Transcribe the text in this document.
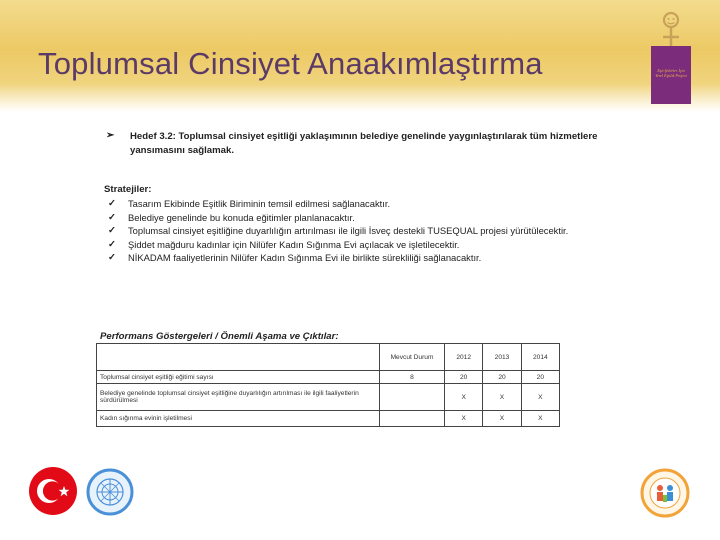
Toplumsal Cinsiyet Anaakımlaştırma	Eşit Şehirler İçin Yerel Eşitlik Projesi
➢ Hedef 3.2: Toplumsal cinsiyet eşitliği yaklaşımının belediye genelinde yaygınlaştırılarak tüm hizmetlere yansımasını sağlamak.
Stratejiler:
✓ Tasarım Ekibinde Eşitlik Biriminin temsil edilmesi sağlanacaktır.
✓ Belediye genelinde bu konuda eğitimler planlanacaktır.
✓ Toplumsal cinsiyet eşitliğine duyarlılığın artırılması ile ilgili İsveç destekli TUSEQUAL projesi yürütülecektir.
✓ Şiddet mağduru kadınlar için Nilüfer Kadın Sığınma Evi açılacak ve işletilecektir.
✓ NİKADAM faaliyetlerinin Nilüfer Kadın Sığınma Evi ile birlikte sürekliliği sağlanacaktır.
Performans Göstergeleri / Önemli Aşama ve Çıktılar:
	Mevcut Durum	2012	2013	2014
Toplumsal cinsiyet eşitliği eğitimi sayısı	8	20	20	20
Belediye genelinde toplumsal cinsiyet eşitliğine duyarlılığın artırılması ile ilgili faaliyetlerin sürdürülmesi		X	X	X
Kadın sığınma evinin işletilmesi		X	X	X
